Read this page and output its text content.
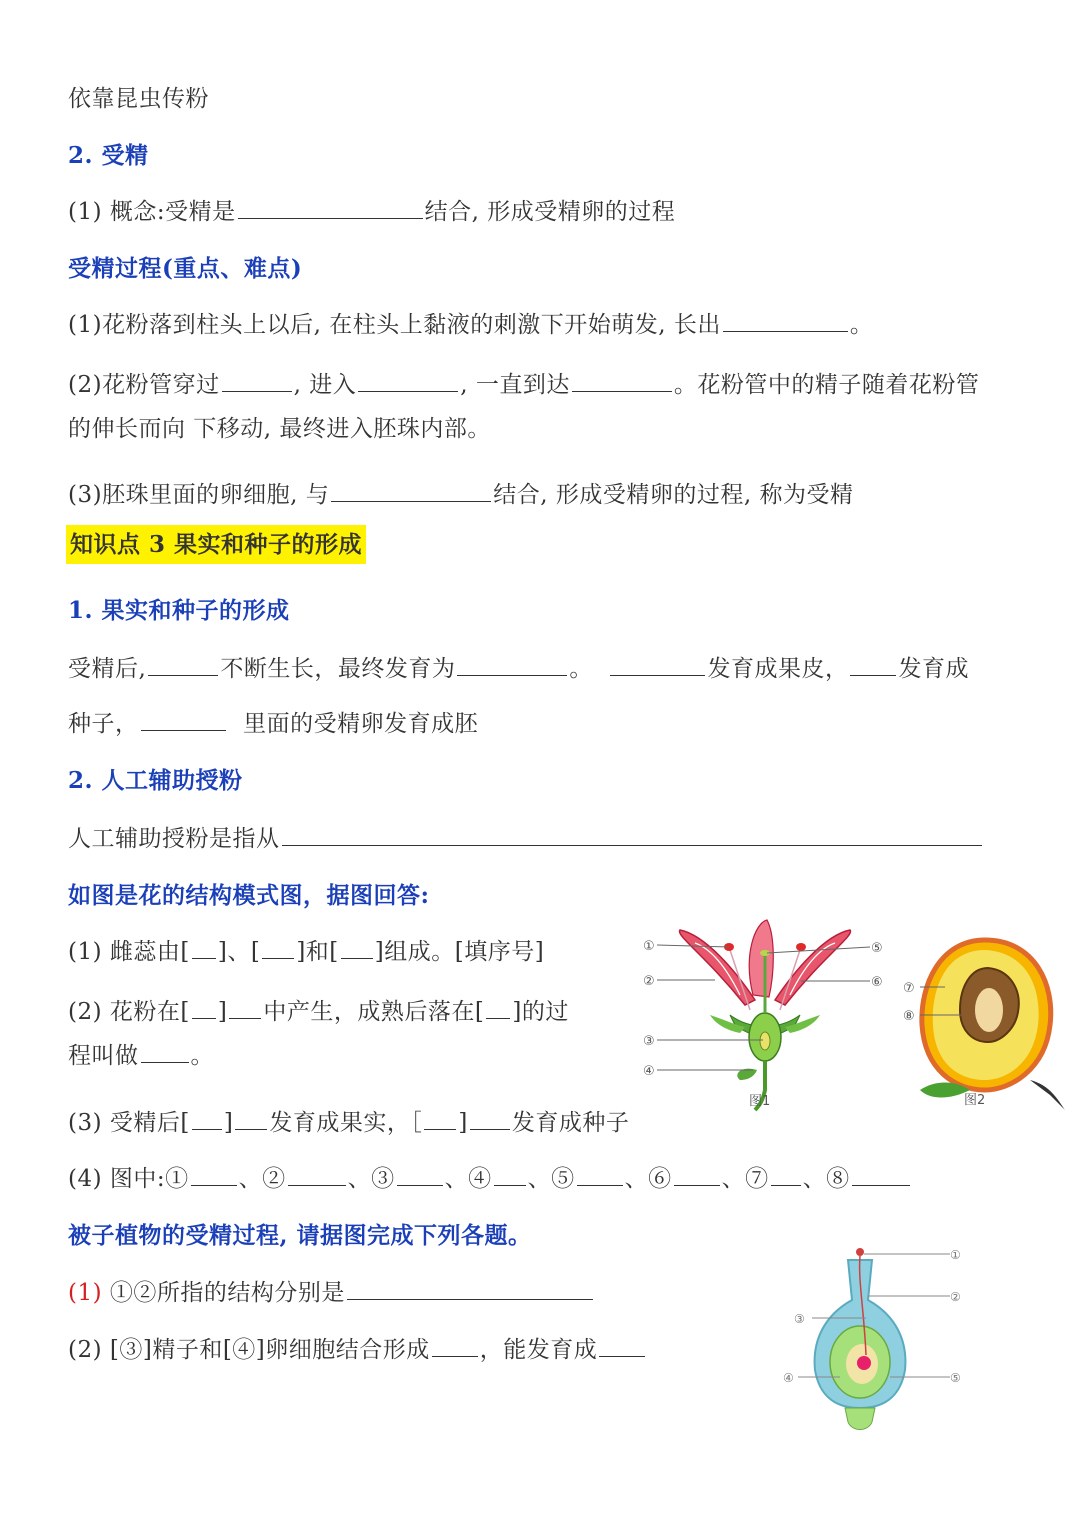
依靠昆虫传粉
2. 受精
(1) 概念:受精是	结合, 形成受精卵的过程
受精过程(重点、难点)
(1)花粉落到柱头上以后, 在柱头上黏液的刺激下开始萌发, 长出	。
(2)花粉管穿过	, 进入	, 一直到达	。花粉管中的精子随着花粉管
的伸长而向 下移动, 最终进入胚珠内部。
(3)胚珠里面的卵细胞, 与	结合, 形成受精卵的过程, 称为受精
知识点 3 果实和种子的形成
1. 果实和种子的形成
受精后,	不断生长，最终发育为	。	发育成果皮， 发育成
种子，	里面的受精卵发育成胚
2. 人工辅助授粉
人工辅助授粉是指从
如图是花的结构模式图，据图回答:
(1) 雌蕊由[ ]、[ ]和[ ]组成。[填序号]
(2) 花粉在[ ] 中产生，成熟后落在[ ]的过
程叫做 。
(3) 受精后[ ] 发育成果实，［ ] 发育成种子
(4) 图中:① 、②	、③ 、④ 、⑤ 、⑥ 、⑦ 、⑧
被子植物的受精过程, 请据图完成下列各题。
(1) ①②所指的结构分别是
(2) [③]精子和[④]卵细胞结合形成 ，能发育成
①
②
③
④
⑤
⑥
图1
⑦
⑧
图2
①
②
③
④	⑤
